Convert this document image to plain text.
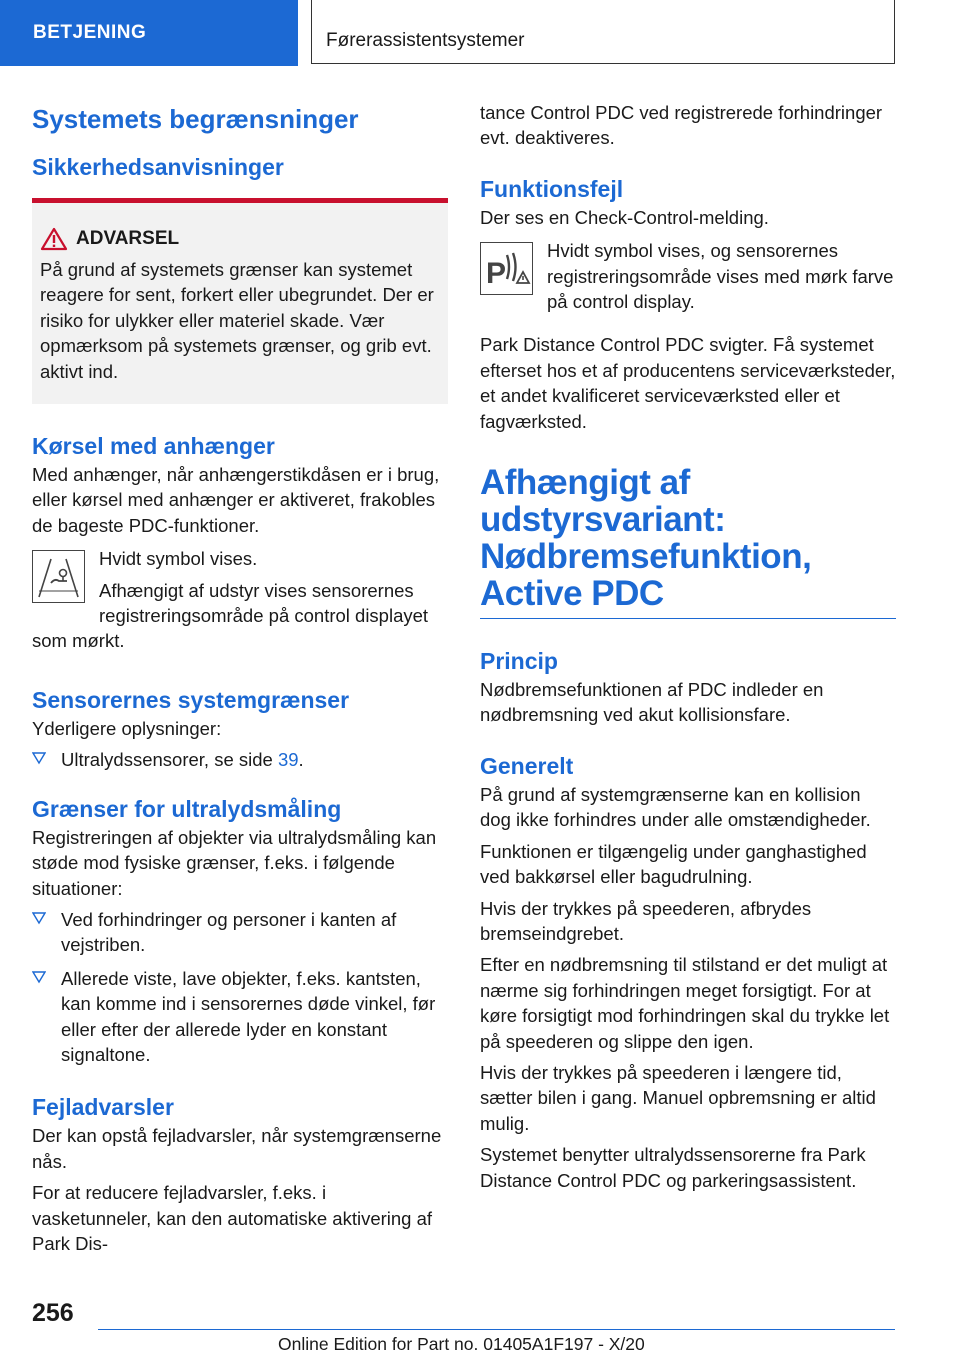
BETJENING	Førerassistentsystemer
Systemets begrænsninger
Sikkerhedsanvisninger
ADVARSEL

På grund af systemets grænser kan systemet reagere for sent, forkert eller ubegrundet. Der er risiko for ulykker eller materiel skade. Vær opmærksom på systemets grænser, og grib evt. aktivt ind.

Kørsel med anhænger

Med anhænger, når anhængerstikdåsen er i brug, eller kørsel med anhænger er aktiveret, frakobles de bageste PDC-funktioner.

Hvidt symbol vises.

Afhængigt af udstyr vises sensorernes registreringsområde på control displayet

som mørkt.

Sensorernes systemgrænser

Yderligere oplysninger:

Ultralydssensorer, se side 39.
Grænser for ultralydsmåling

Registreringen af objekter via ultralydsmåling kan støde mod fysiske grænser, f.eks. i følgende situationer:

Ved forhindringer og personer i kanten af vejstriben.
Allerede viste, lave objekter, f.eks. kantsten, kan komme ind i sensorernes døde vinkel, før eller efter der allerede lyder en konstant signaltone.
Fejladvarsler

Der kan opstå fejladvarsler, når systemgrænserne nås.

For at reducere fejladvarsler, f.eks. i vasketunneler, kan den automatiske aktivering af Park Dis-

tance Control PDC ved registrerede forhindringer evt. deaktiveres.

Funktionsfejl

Der ses en Check-Control-melding.

P

Hvidt symbol vises, og sensorernes registreringsområde vises med mørk farve på control display.

Park Distance Control PDC svigter. Få systemet efterset hos et af producentens serviceværksteder, et andet kvalificeret serviceværksted eller et fagværksted.

Afhængigt af udstyrsvariant: Nødbremsefunktion, Active PDC
Princip

Nødbremsefunktionen af PDC indleder en nødbremsning ved akut kollisionsfare.

Generelt

På grund af systemgrænserne kan en kollision dog ikke forhindres under alle omstændigheder.

Funktionen er tilgængelig under ganghastighed ved bakkørsel eller bagudrulning.

Hvis der trykkes på speederen, afbrydes bremseindgrebet.

Efter en nødbremsning til stilstand er det muligt at nærme sig forhindringen meget forsigtigt. For at køre forsigtigt mod forhindringen skal du trykke let på speederen og slippe den igen.

Hvis der trykkes på speederen i længere tid, sætter bilen i gang. Manuel opbremsning er altid mulig.

Systemet benytter ultralydssensorerne fra Park Distance Control PDC og parkeringsassistent.

256
Online Edition for Part no. 01405A1F197 - X/20
